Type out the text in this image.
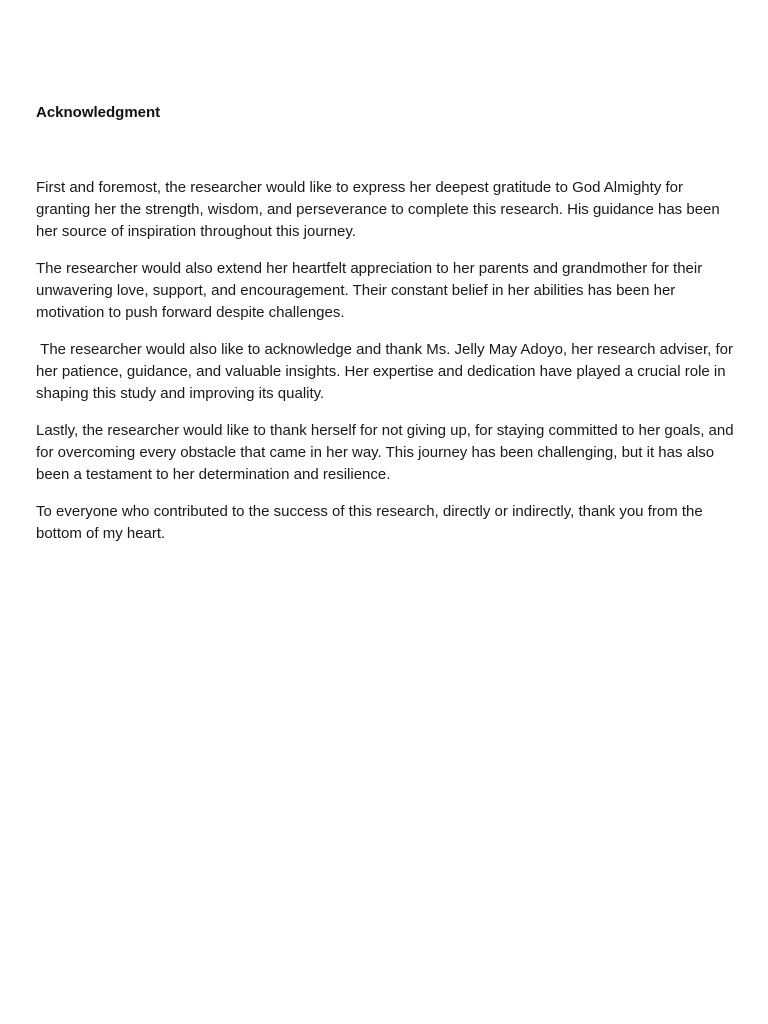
Acknowledgment

First and foremost, the researcher would like to express her deepest gratitude to God Almighty for granting her the strength, wisdom, and perseverance to complete this research. His guidance has been her source of inspiration throughout this journey.

The researcher would also extend her heartfelt appreciation to her parents and grandmother for their unwavering love, support, and encouragement. Their constant belief in her abilities has been her motivation to push forward despite challenges.

The researcher would also like to acknowledge and thank Ms. Jelly May Adoyo, her research adviser, for her patience, guidance, and valuable insights. Her expertise and dedication have played a crucial role in shaping this study and improving its quality.

Lastly, the researcher would like to thank herself for not giving up, for staying committed to her goals, and for overcoming every obstacle that came in her way. This journey has been challenging, but it has also been a testament to her determination and resilience.

To everyone who contributed to the success of this research, directly or indirectly, thank you from the bottom of my heart.
